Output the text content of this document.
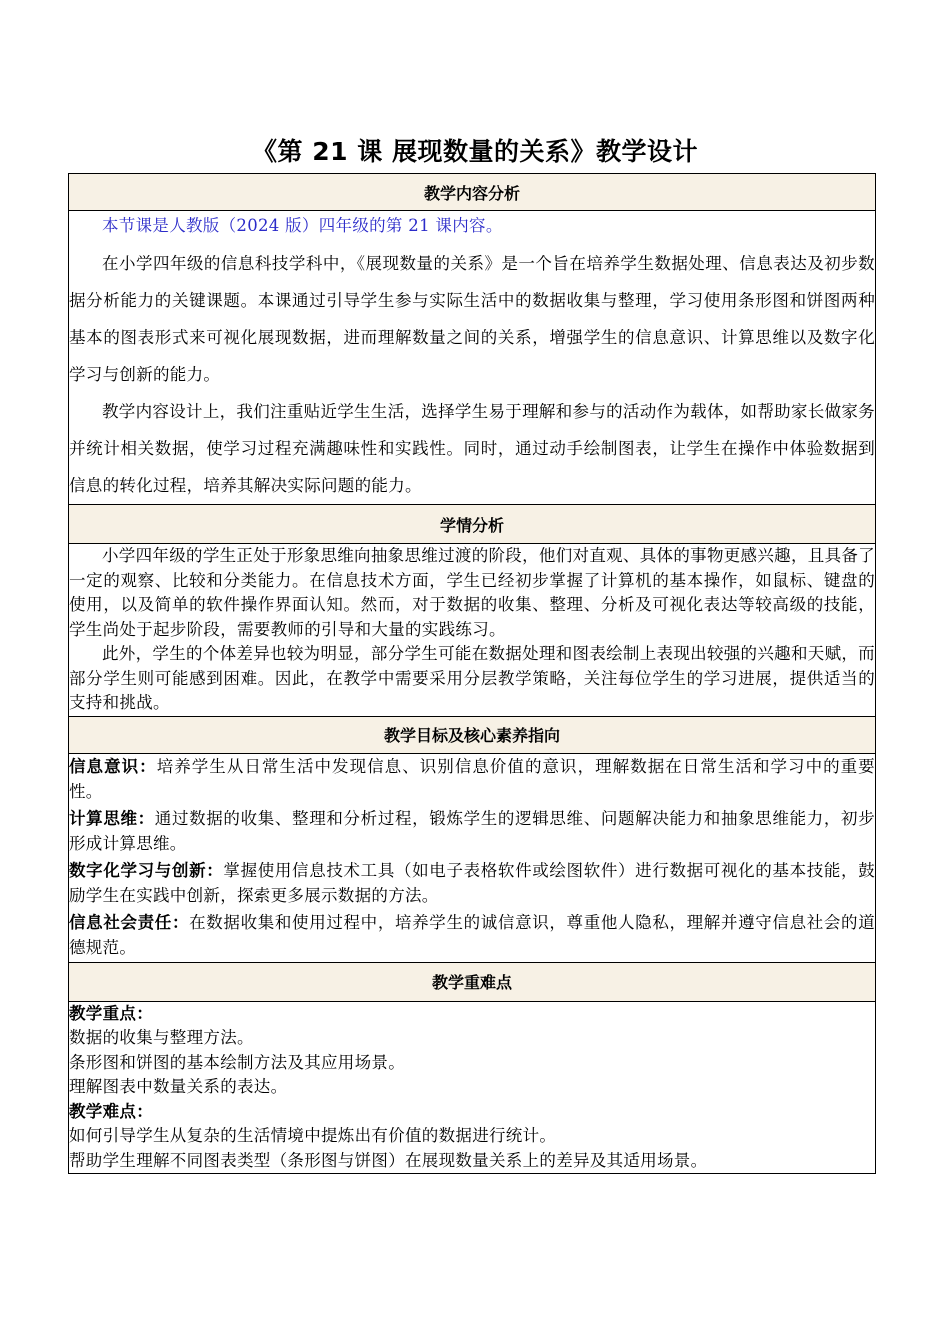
《第 21 课 展现数量的关系》教学设计
教学内容分析

本节课是人教版（2024 版）四年级的第 21 课内容。

在小学四年级的信息科技学科中，《展现数量的关系》是一个旨在培养学生数据处理、信息表达及初步数据分析能力的关键课题。本课通过引导学生参与实际生活中的数据收集与整理，学习使用条形图和饼图两种基本的图表形式来可视化展现数据，进而理解数量之间的关系，增强学生的信息意识、计算思维以及数字化学习与创新的能力。

教学内容设计上，我们注重贴近学生生活，选择学生易于理解和参与的活动作为载体，如帮助家长做家务并统计相关数据，使学习过程充满趣味性和实践性。同时，通过动手绘制图表，让学生在操作中体验数据到信息的转化过程，培养其解决实际问题的能力。

学情分析

小学四年级的学生正处于形象思维向抽象思维过渡的阶段，他们对直观、具体的事物更感兴趣，且具备了一定的观察、比较和分类能力。在信息技术方面，学生已经初步掌握了计算机的基本操作，如鼠标、键盘的使用，以及简单的软件操作界面认知。然而，对于数据的收集、整理、分析及可视化表达等较高级的技能，学生尚处于起步阶段，需要教师的引导和大量的实践练习。

此外，学生的个体差异也较为明显，部分学生可能在数据处理和图表绘制上表现出较强的兴趣和天赋，而部分学生则可能感到困难。因此，在教学中需要采用分层教学策略，关注每位学生的学习进展，提供适当的支持和挑战。

教学目标及核心素养指向

信息意识：培养学生从日常生活中发现信息、识别信息价值的意识，理解数据在日常生活和学习中的重要性。

计算思维：通过数据的收集、整理和分析过程，锻炼学生的逻辑思维、问题解决能力和抽象思维能力，初步形成计算思维。

数字化学习与创新：掌握使用信息技术工具（如电子表格软件或绘图软件）进行数据可视化的基本技能，鼓励学生在实践中创新，探索更多展示数据的方法。

信息社会责任：在数据收集和使用过程中，培养学生的诚信意识，尊重他人隐私，理解并遵守信息社会的道德规范。

教学重难点

教学重点：

数据的收集与整理方法。

条形图和饼图的基本绘制方法及其应用场景。

理解图表中数量关系的表达。

教学难点：

如何引导学生从复杂的生活情境中提炼出有价值的数据进行统计。

帮助学生理解不同图表类型（条形图与饼图）在展现数量关系上的差异及其适用场景。
